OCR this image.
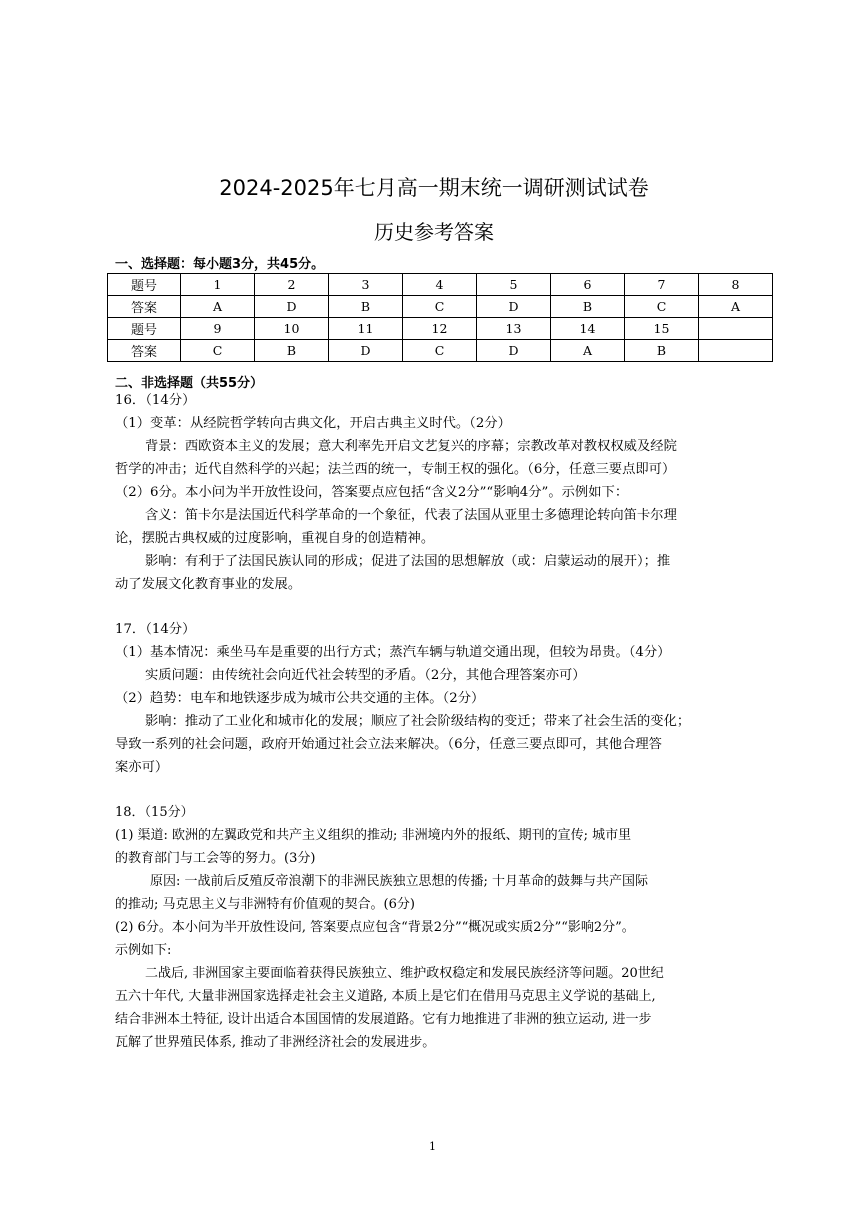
2024-2025年七月高一期末统一调研测试试卷
历史参考答案
一、选择题：每小题3分，共45分。
题号	1	2	3	4	5	6	7	8
答案	A	D	B	C	D	B	C	A
题号	9	10	11	12	13	14	15	
答案	C	B	D	C	D	A	B	
二、非选择题（共55分）
16．（14分）
（1）变革：从经院哲学转向古典文化，开启古典主义时代。（2分）
背景：西欧资本主义的发展；意大利率先开启文艺复兴的序幕；宗教改革对教权权威及经院
哲学的冲击；近代自然科学的兴起；法兰西的统一，专制王权的强化。（6分，任意三要点即可）
（2）6分。本小问为半开放性设问，答案要点应包括“含义2分”“影响4分”。示例如下：
含义：笛卡尔是法国近代科学革命的一个象征，代表了法国从亚里士多德理论转向笛卡尔理
论，摆脱古典权威的过度影响，重视自身的创造精神。
影响：有利于了法国民族认同的形成；促进了法国的思想解放（或：启蒙运动的展开）；推
动了发展文化教育事业的发展。
17．（14分）
（1）基本情况：乘坐马车是重要的出行方式；蒸汽车辆与轨道交通出现，但较为昂贵。（4分）
实质问题：由传统社会向近代社会转型的矛盾。（2分，其他合理答案亦可）
（2）趋势：电车和地铁逐步成为城市公共交通的主体。（2分）
影响：推动了工业化和城市化的发展；顺应了社会阶级结构的变迁；带来了社会生活的变化；
导致一系列的社会问题，政府开始通过社会立法来解决。（6分，任意三要点即可，其他合理答
案亦可）
18．（15分）
(1) 渠道: 欧洲的左翼政党和共产主义组织的推动; 非洲境内外的报纸、期刊的宣传; 城市里
的教育部门与工会等的努力。(3分)
原因: 一战前后反殖反帝浪潮下的非洲民族独立思想的传播; 十月革命的鼓舞与共产国际
的推动; 马克思主义与非洲特有价值观的契合。(6分)
(2) 6分。本小问为半开放性设问, 答案要点应包含“背景2分”“概况或实质2分”“影响2分”。
示例如下:
二战后, 非洲国家主要面临着获得民族独立、维护政权稳定和发展民族经济等问题。20世纪
五六十年代, 大量非洲国家选择走社会主义道路, 本质上是它们在借用马克思主义学说的基础上,
结合非洲本土特征, 设计出适合本国国情的发展道路。它有力地推进了非洲的独立运动, 进一步
瓦解了世界殖民体系, 推动了非洲经济社会的发展进步。
1
